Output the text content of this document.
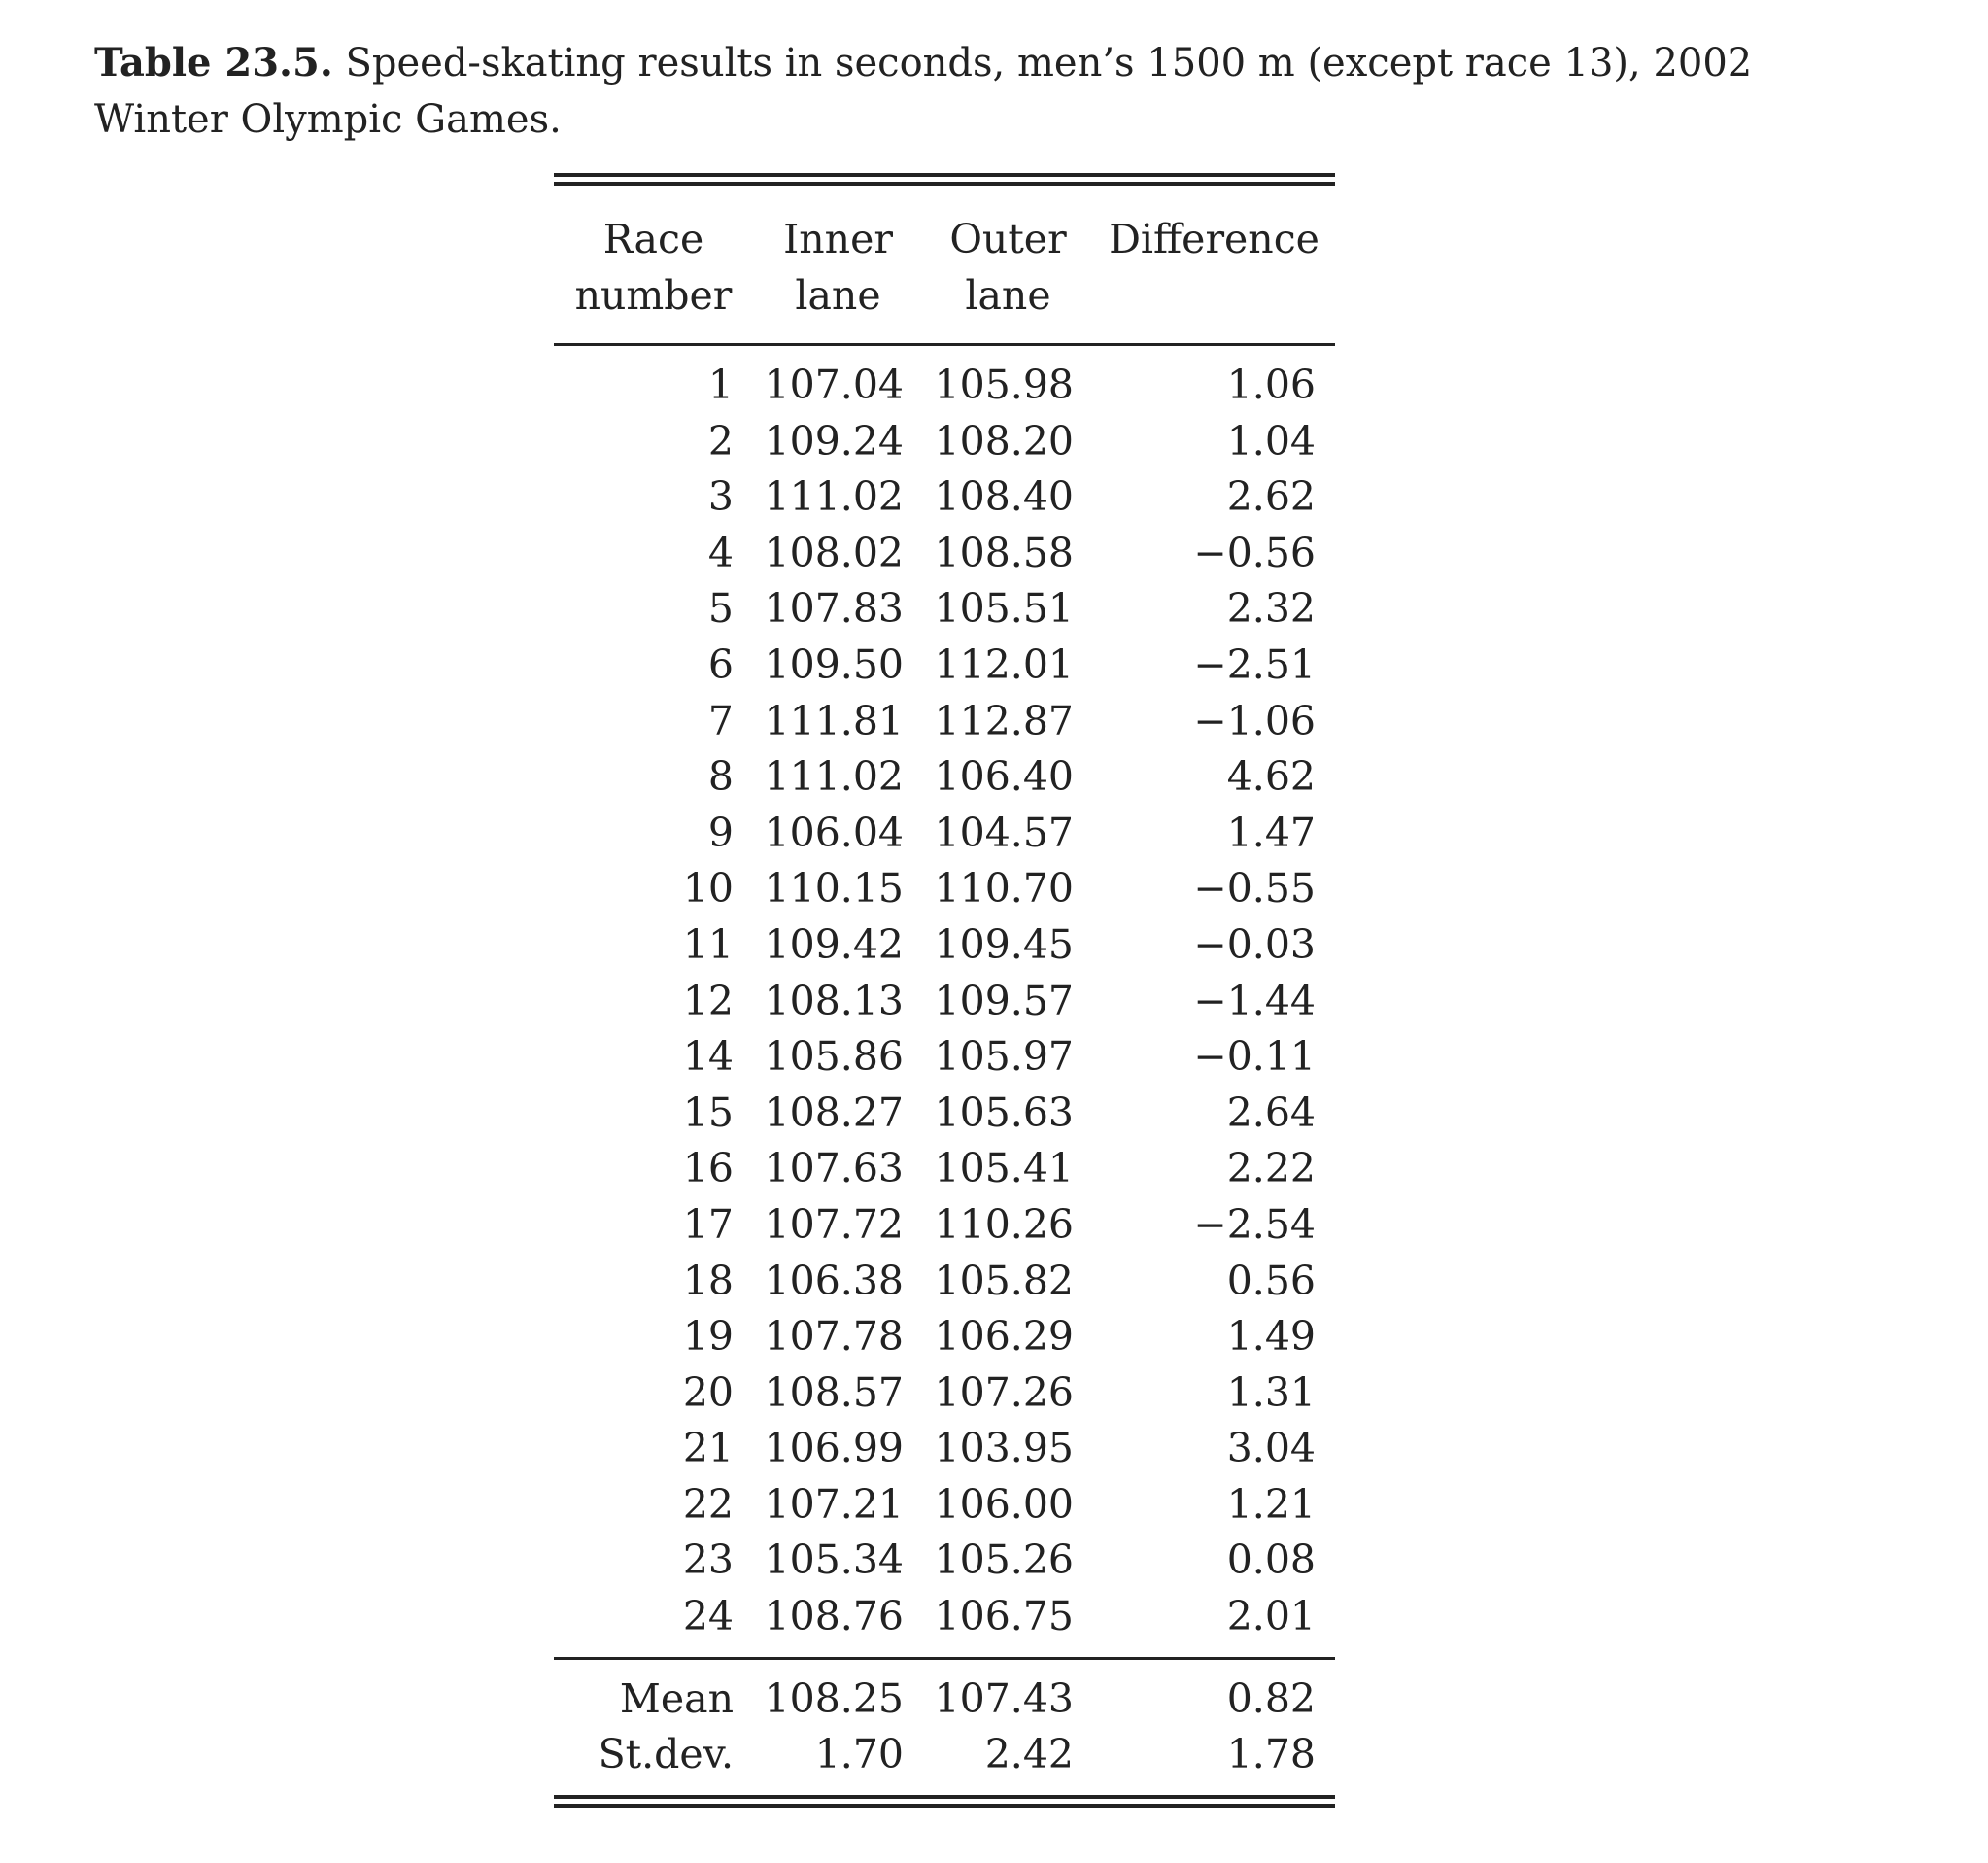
Table 23.5. Speed-skating results in seconds, men’s 1500 m (except race 13), 2002 Winter Olympic Games.
Race	Inner	Outer	Difference
number	lane	lane	
1	107.04	105.98	1.06
2	109.24	108.20	1.04
3	111.02	108.40	2.62
4	108.02	108.58	−0.56
5	107.83	105.51	2.32
6	109.50	112.01	−2.51
7	111.81	112.87	−1.06
8	111.02	106.40	4.62
9	106.04	104.57	1.47
10	110.15	110.70	−0.55
11	109.42	109.45	−0.03
12	108.13	109.57	−1.44
14	105.86	105.97	−0.11
15	108.27	105.63	2.64
16	107.63	105.41	2.22
17	107.72	110.26	−2.54
18	106.38	105.82	0.56
19	107.78	106.29	1.49
20	108.57	107.26	1.31
21	106.99	103.95	3.04
22	107.21	106.00	1.21
23	105.34	105.26	0.08
24	108.76	106.75	2.01
Mean	108.25	107.43	0.82
St.dev.	1.70	2.42	1.78
